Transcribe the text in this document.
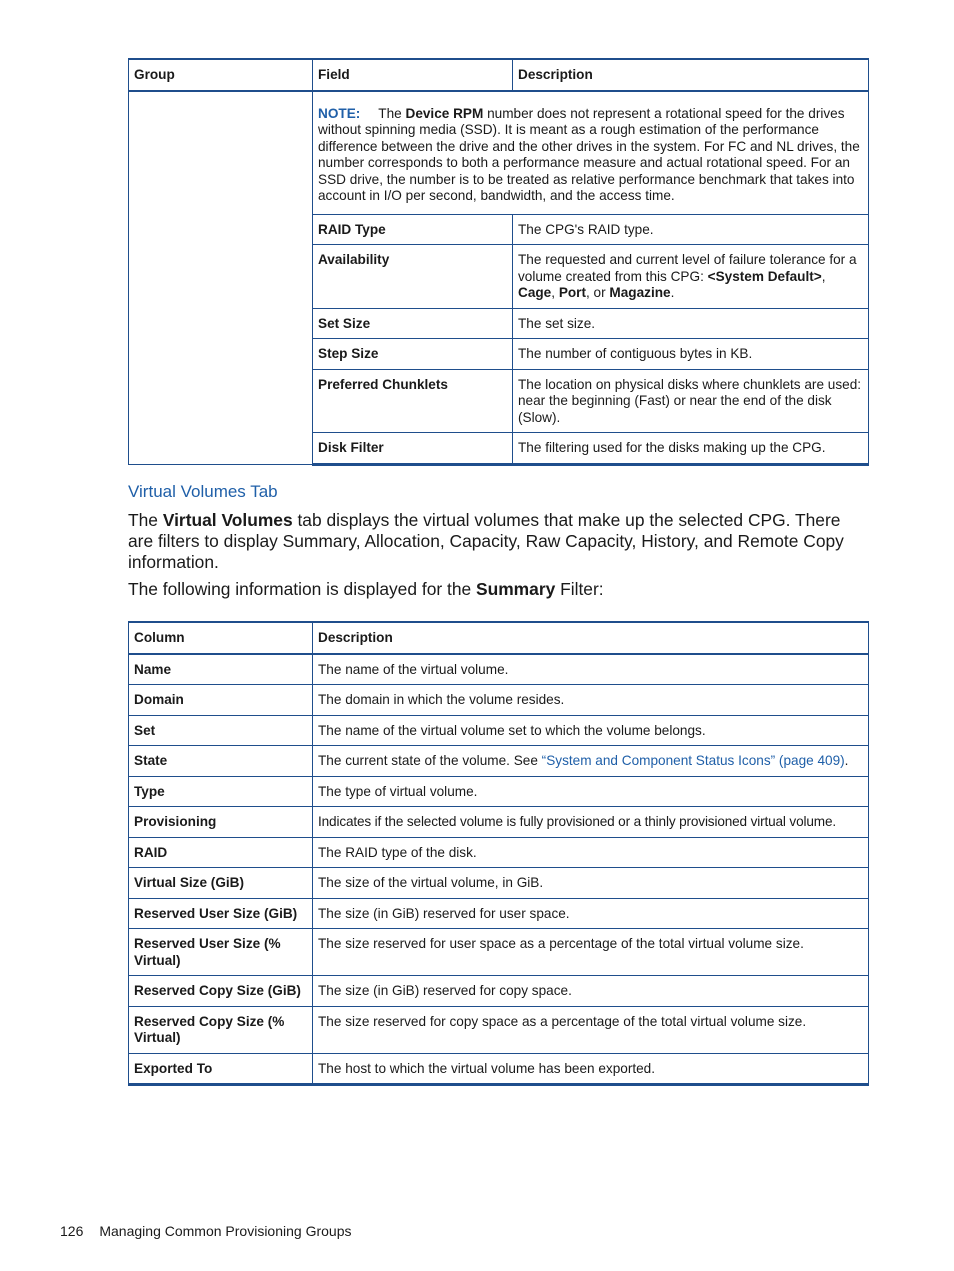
Group	Field	Description
	NOTE: The Device RPM number does not represent a rotational speed for the drives without spinning media (SSD). It is meant as a rough estimation of the performance difference between the drive and the other drives in the system. For FC and NL drives, the number corresponds to both a performance measure and actual rotational speed. For an SSD drive, the number is to be treated as relative performance benchmark that takes into account in I/O per second, bandwidth, and the access time.	
	RAID Type	The CPG's RAID type.
	Availability	The requested and current level of failure tolerance for a volume created from this CPG: <System Default>, Cage, Port, or Magazine.
	Set Size	The set size.
	Step Size	The number of contiguous bytes in KB.
	Preferred Chunklets	The location on physical disks where chunklets are used: near the beginning (Fast) or near the end of the disk (Slow).
	Disk Filter	The filtering used for the disks making up the CPG.
Virtual Volumes Tab

The Virtual Volumes tab displays the virtual volumes that make up the selected CPG. There are filters to display Summary, Allocation, Capacity, Raw Capacity, History, and Remote Copy information.

The following information is displayed for the Summary Filter:

Column	Description
Name	The name of the virtual volume.
Domain	The domain in which the volume resides.
Set	The name of the virtual volume set to which the volume belongs.
State	The current state of the volume. See “System and Component Status Icons” (page 409).
Type	The type of virtual volume.
Provisioning	Indicates if the selected volume is fully provisioned or a thinly provisioned virtual volume.
RAID	The RAID type of the disk.
Virtual Size (GiB)	The size of the virtual volume, in GiB.
Reserved User Size (GiB)	The size (in GiB) reserved for user space.
Reserved User Size (% Virtual)	The size reserved for user space as a percentage of the total virtual volume size.
Reserved Copy Size (GiB)	The size (in GiB) reserved for copy space.
Reserved Copy Size (% Virtual)	The size reserved for copy space as a percentage of the total virtual volume size.
Exported To	The host to which the virtual volume has been exported.
126 Managing Common Provisioning Groups
